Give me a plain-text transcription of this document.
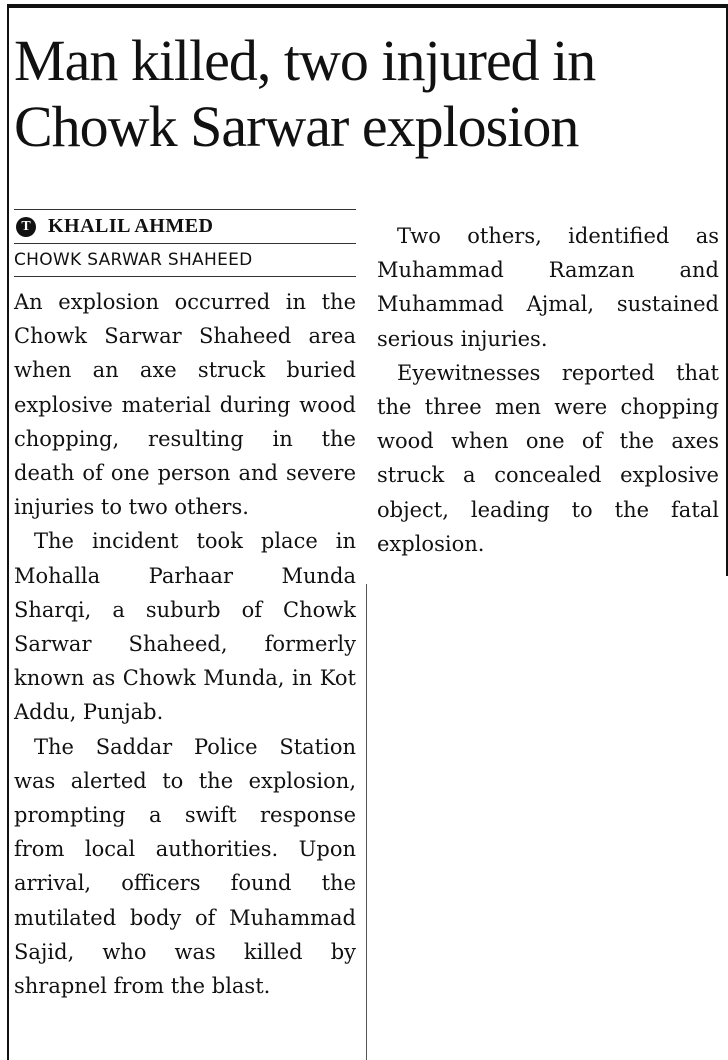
Man killed, two injured in Chowk Sarwar explosion
T KHALIL AHMED
CHOWK SARWAR SHAHEED

An explosion occurred in the Chowk Sarwar Shaheed area when an axe struck buried explosive material during wood chopping, resulting in the death of one person and severe injuries to two others.

The incident took place in Mohalla Parhaar Munda Sharqi, a suburb of Chowk Sarwar Shaheed, formerly known as Chowk Munda, in Kot Addu, Punjab.

The Saddar Police Station was alerted to the explosion, prompting a swift response from local authorities. Upon arrival, officers found the mutilated body of Muhammad Sajid, who was killed by shrapnel from the blast.

Two others, identified as Muhammad Ramzan and Muhammad Ajmal, sustained serious injuries.

Eyewitnesses reported that the three men were chopping wood when one of the axes struck a concealed explosive object, leading to the fatal explosion.
